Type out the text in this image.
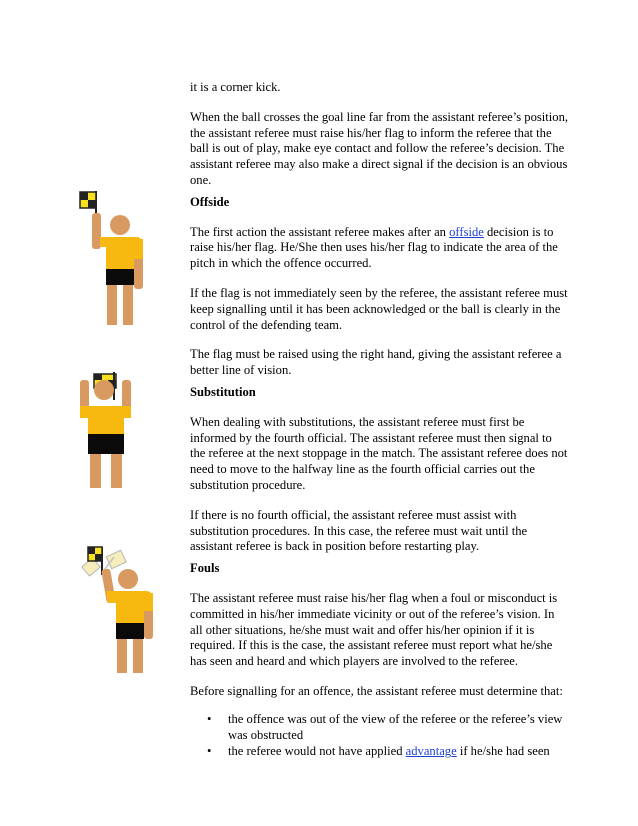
it is a corner kick.

When the ball crosses the goal line far from the assistant referee’s position, the assistant referee must raise his/her flag to inform the referee that the ball is out of play, make eye contact and follow the referee’s decision. The assistant referee may also make a direct signal if the decision is an obvious one.

Offside

The first action the assistant referee makes after an offside decision is to raise his/her flag. He/She then uses his/her flag to indicate the area of the pitch in which the offence occurred.

If the flag is not immediately seen by the referee, the assistant referee must keep signalling until it has been acknowledged or the ball is clearly in the control of the defending team.

The flag must be raised using the right hand, giving the assistant referee a better line of vision.

Substitution

When dealing with substitutions, the assistant referee must first be informed by the fourth official. The assistant referee must then signal to the referee at the next stoppage in the match. The assistant referee does not need to move to the halfway line as the fourth official carries out the substitution procedure.

If there is no fourth official, the assistant referee must assist with substitution procedures. In this case, the referee must wait until the assistant referee is back in position before restarting play.

Fouls

The assistant referee must raise his/her flag when a foul or misconduct is committed in his/her immediate vicinity or out of the referee’s vision. In all other situations, he/she must wait and offer his/her opinion if it is required. If this is the case, the assistant referee must report what he/she has seen and heard and which players are involved to the referee.

Before signalling for an offence, the assistant referee must determine that:

• the offence was out of the view of the referee or the referee’s view was obstructed
• the referee would not have applied advantage if he/she had seen
